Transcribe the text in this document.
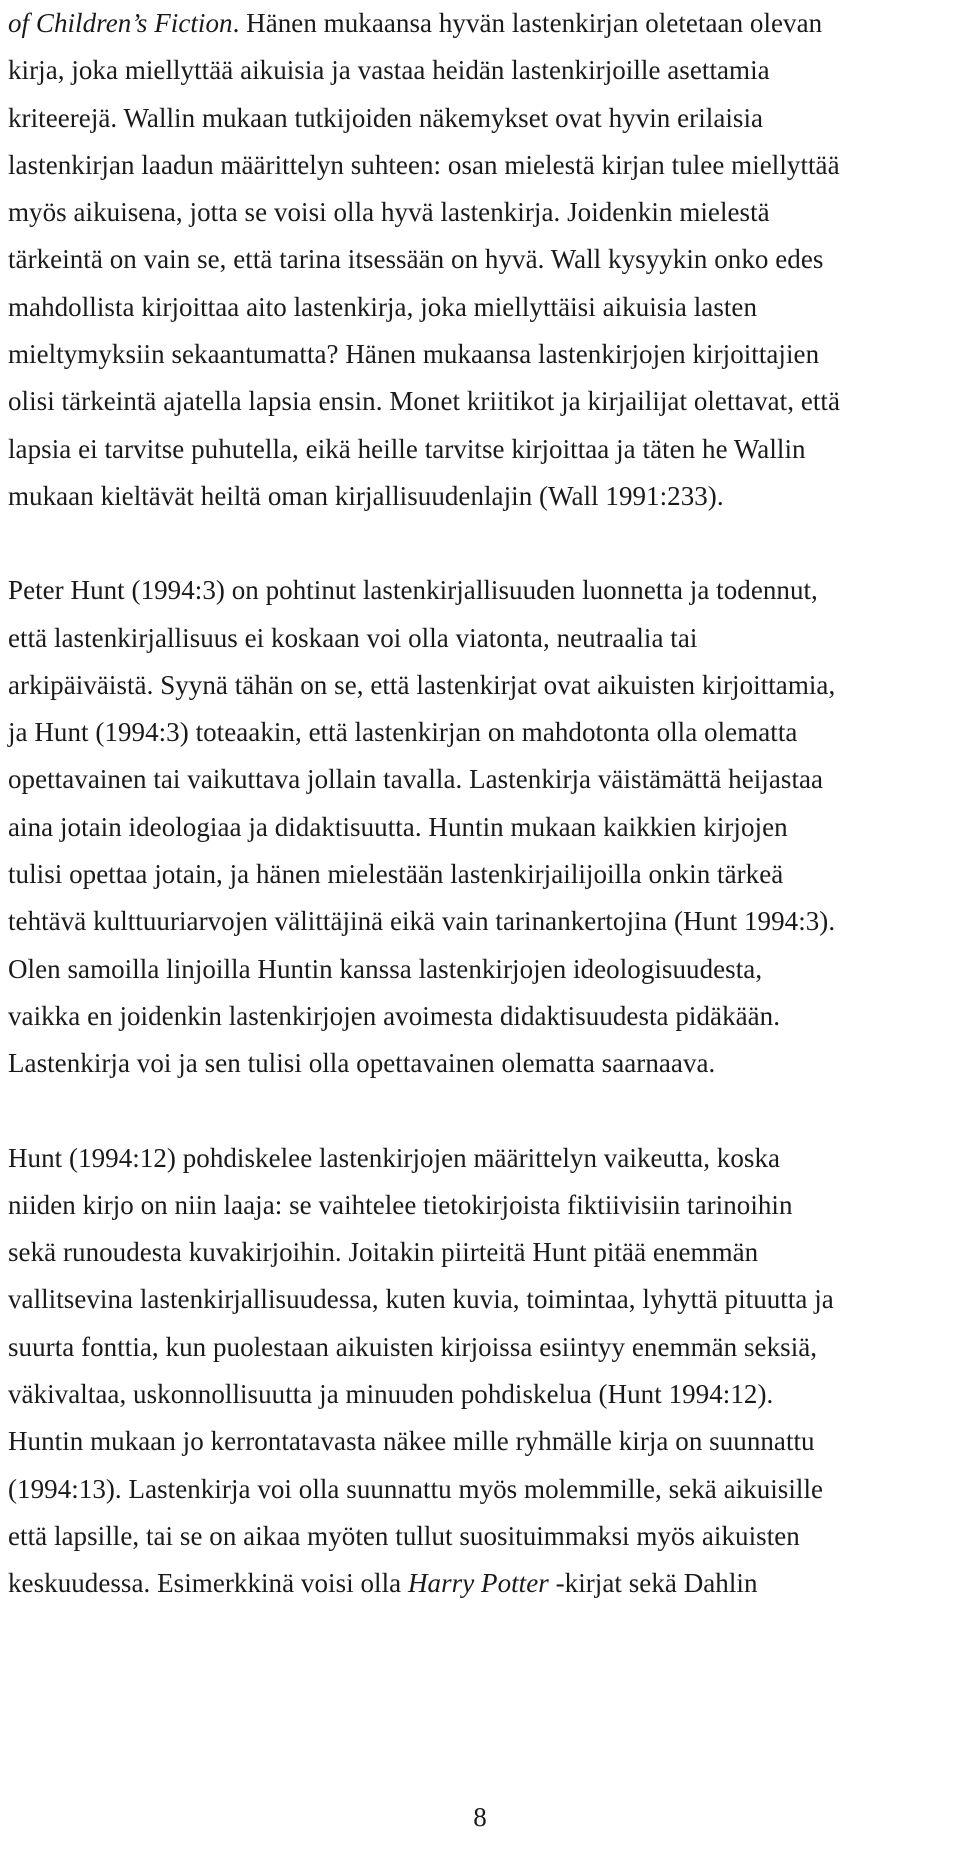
of Children’s Fiction. Hänen mukaansa hyvän lastenkirjan oletetaan olevan
kirja, joka miellyttää aikuisia ja vastaa heidän lastenkirjoille asettamia
kriteerejä. Wallin mukaan tutkijoiden näkemykset ovat hyvin erilaisia
lastenkirjan laadun määrittelyn suhteen: osan mielestä kirjan tulee miellyttää
myös aikuisena, jotta se voisi olla hyvä lastenkirja. Joidenkin mielestä
tärkeintä on vain se, että tarina itsessään on hyvä. Wall kysyykin onko edes
mahdollista kirjoittaa aito lastenkirja, joka miellyttäisi aikuisia lasten
mieltymyksiin sekaantumatta? Hänen mukaansa lastenkirjojen kirjoittajien
olisi tärkeintä ajatella lapsia ensin. Monet kriitikot ja kirjailijat olettavat, että
lapsia ei tarvitse puhutella, eikä heille tarvitse kirjoittaa ja täten he Wallin
mukaan kieltävät heiltä oman kirjallisuudenlajin (Wall 1991:233).
Peter Hunt (1994:3) on pohtinut lastenkirjallisuuden luonnetta ja todennut,
että lastenkirjallisuus ei koskaan voi olla viatonta, neutraalia tai
arkipäiväistä. Syynä tähän on se, että lastenkirjat ovat aikuisten kirjoittamia,
ja Hunt (1994:3) toteaakin, että lastenkirjan on mahdotonta olla olematta
opettavainen tai vaikuttava jollain tavalla. Lastenkirja väistämättä heijastaa
aina jotain ideologiaa ja didaktisuutta. Huntin mukaan kaikkien kirjojen
tulisi opettaa jotain, ja hänen mielestään lastenkirjailijoilla onkin tärkeä
tehtävä kulttuuriarvojen välittäjinä eikä vain tarinankertojina (Hunt 1994:3).
Olen samoilla linjoilla Huntin kanssa lastenkirjojen ideologisuudesta,
vaikka en joidenkin lastenkirjojen avoimesta didaktisuudesta pidäkään.
Lastenkirja voi ja sen tulisi olla opettavainen olematta saarnaava.
Hunt (1994:12) pohdiskelee lastenkirjojen määrittelyn vaikeutta, koska
niiden kirjo on niin laaja: se vaihtelee tietokirjoista fiktiivisiin tarinoihin
sekä runoudesta kuvakirjoihin. Joitakin piirteitä Hunt pitää enemmän
vallitsevina lastenkirjallisuudessa, kuten kuvia, toimintaa, lyhyttä pituutta ja
suurta fonttia, kun puolestaan aikuisten kirjoissa esiintyy enemmän seksiä,
väkivaltaa, uskonnollisuutta ja minuuden pohdiskelua (Hunt 1994:12).
Huntin mukaan jo kerrontatavasta näkee mille ryhmälle kirja on suunnattu
(1994:13). Lastenkirja voi olla suunnattu myös molemmille, sekä aikuisille
että lapsille, tai se on aikaa myöten tullut suosituimmaksi myös aikuisten
keskuudessa. Esimerkkinä voisi olla Harry Potter -kirjat sekä Dahlin
8
